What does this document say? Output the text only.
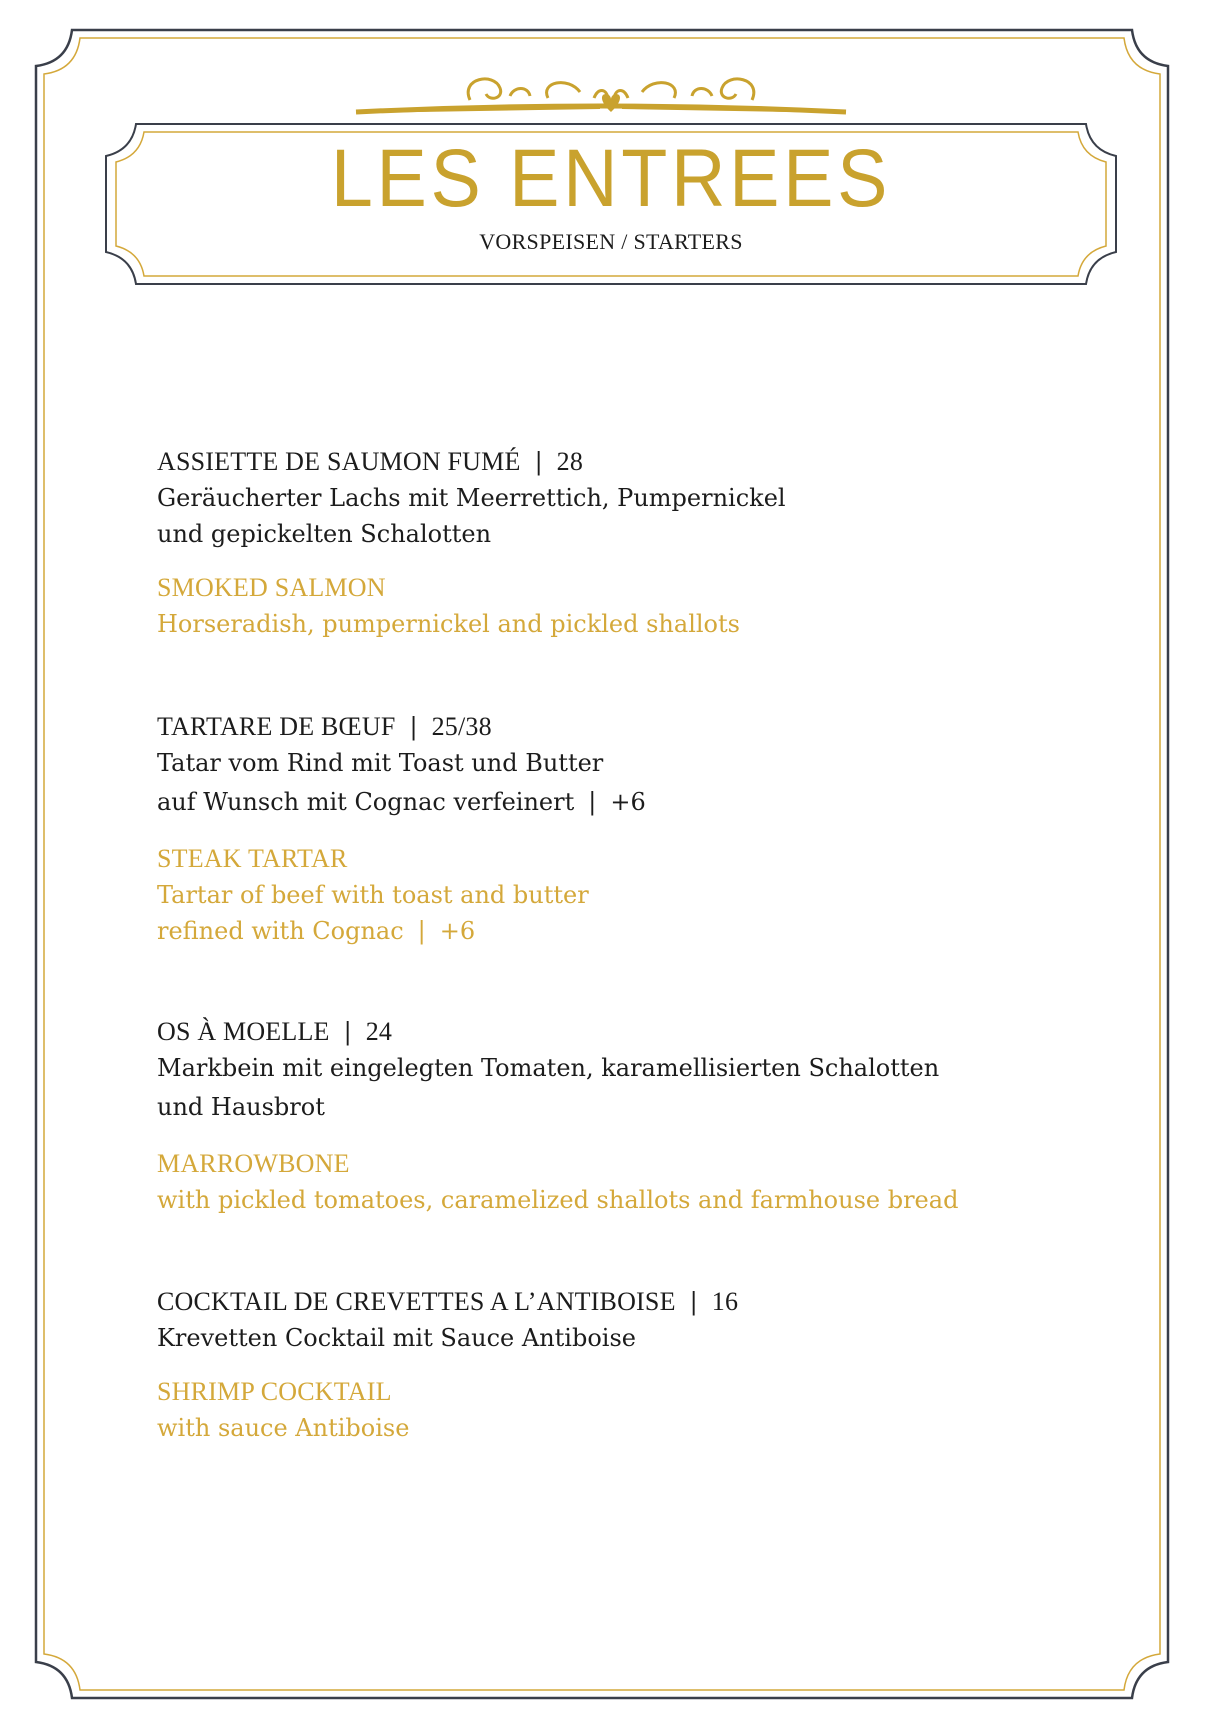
LES ENTREES
VORSPEISEN / STARTERS
ASSIETTE DE SAUMON FUMÉ | 28
Geräucherter Lachs mit Meerrettich, Pumpernickel
und gepickelten Schalotten
SMOKED SALMON
Horseradish, pumpernickel and pickled shallots
TARTARE DE BŒUF | 25/38
Tatar vom Rind mit Toast und Butter
auf Wunsch mit Cognac verfeinert | +6
STEAK TARTAR
Tartar of beef with toast and butter
refined with Cognac | +6
OS À MOELLE | 24
Markbein mit eingelegten Tomaten, karamellisierten Schalotten
und Hausbrot
MARROWBONE
with pickled tomatoes, caramelized shallots and farmhouse bread
COCKTAIL DE CREVETTES A L’ANTIBOISE | 16
Krevetten Cocktail mit Sauce Antiboise
SHRIMP COCKTAIL
with sauce Antiboise
